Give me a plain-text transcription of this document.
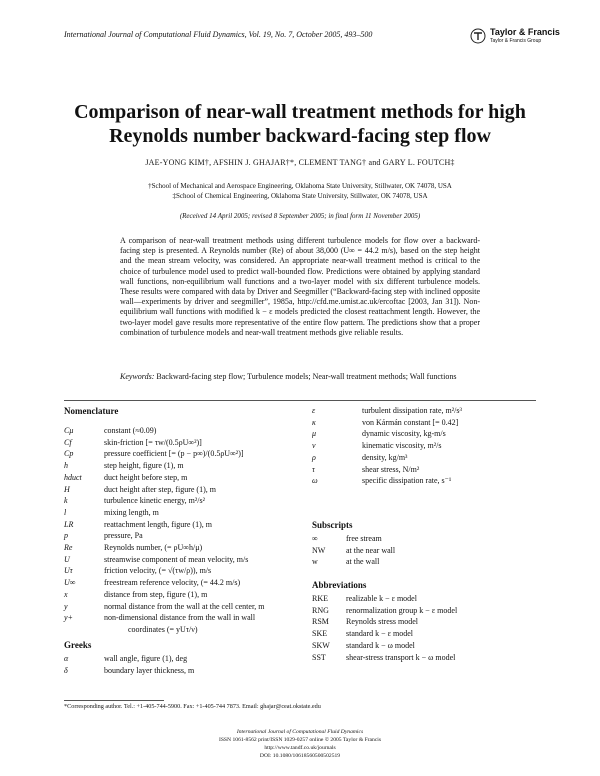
International Journal of Computational Fluid Dynamics, Vol. 19, No. 7, October 2005, 493–500	Taylor & Francis
Taylor & Francis Group
Comparison of near-wall treatment methods for high Reynolds number backward-facing step flow
JAE-YONG KIM†, AFSHIN J. GHAJAR†*, CLEMENT TANG† and GARY L. FOUTCH‡
†School of Mechanical and Aerospace Engineering, Oklahoma State University, Stillwater, OK 74078, USA
‡School of Chemical Engineering, Oklahoma State University, Stillwater, OK 74078, USA
(Received 14 April 2005; revised 8 September 2005; in final form 11 November 2005)
A comparison of near-wall treatment methods using different turbulence models for flow over a backward-facing step is presented. A Reynolds number (Re) of about 38,000 (U∞ = 44.2 m/s), based on the step height and the mean stream velocity, was considered. An appropriate near-wall treatment method is critical to the choice of turbulence model used to predict wall-bounded flow. Predictions were obtained by applying standard wall functions, non-equilibrium wall functions and a two-layer model with six different turbulence models. These results were compared with data by Driver and Seegmiller (“Backward-facing step with inclined opposite wall—experiments by driver and seegmiller”, 1985a, http://cfd.me.umist.ac.uk/ercoftac [2003, Jan 31]). Non-equilibrium wall functions with modified k − ε models predicted the closest reattachment length. However, the two-layer model gave results more representative of the entire flow pattern. The predictions show that a proper combination of turbulence models and near-wall treatment methods give reliable results.
Keywords: Backward-facing step flow; Turbulence models; Near-wall treatment methods; Wall functions
Nomenclature
Cμ	constant (≈0.09)
Cf	skin-friction [= τw/(0.5ρU∞²)]
Cp	pressure coefficient [= (p − p∞)/(0.5ρU∞²)]
h	step height, figure (1), m
hduct	duct height before step, m
H	duct height after step, figure (1), m
k	turbulence kinetic energy, m²/s²
l	mixing length, m
LR	reattachment length, figure (1), m
p	pressure, Pa
Re	Reynolds number, (= ρU∞h/μ)
U	streamwise component of mean velocity, m/s
Uτ	friction velocity, (= √(τw/ρ)), m/s
U∞	freestream reference velocity, (= 44.2 m/s)
x	distance from step, figure (1), m
y	normal distance from the wall at the cell center, m
y+	non-dimensional distance from the wall in wall
coordinates (= yUτ/ν)
Greeks
α	wall angle, figure (1), deg
δ	boundary layer thickness, m
ε	turbulent dissipation rate, m²/s³
κ	von Kármán constant [= 0.42]
μ	dynamic viscosity, kg-m/s
ν	kinematic viscosity, m²/s
ρ	density, kg/m³
τ	shear stress, N/m²
ω	specific dissipation rate, s⁻¹
Subscripts
∞	free stream
NW	at the near wall
w	at the wall
Abbreviations
RKE realizable k − ε model
RNG renormalization group k − ε model
RSM Reynolds stress model
SKE standard k − ε model
SKW standard k − ω model
SST	shear-stress transport k − ω model
*Corresponding author. Tel.: +1-405-744-5900. Fax: +1-405-744 7873. Email: ghajar@ceat.okstate.edu
International Journal of Computational Fluid Dynamics
ISSN 1061-8562 print/ISSN 1029-0257 online © 2005 Taylor & Francis
http://www.tandf.co.uk/journals
DOI: 10.1080/10618560500502519
